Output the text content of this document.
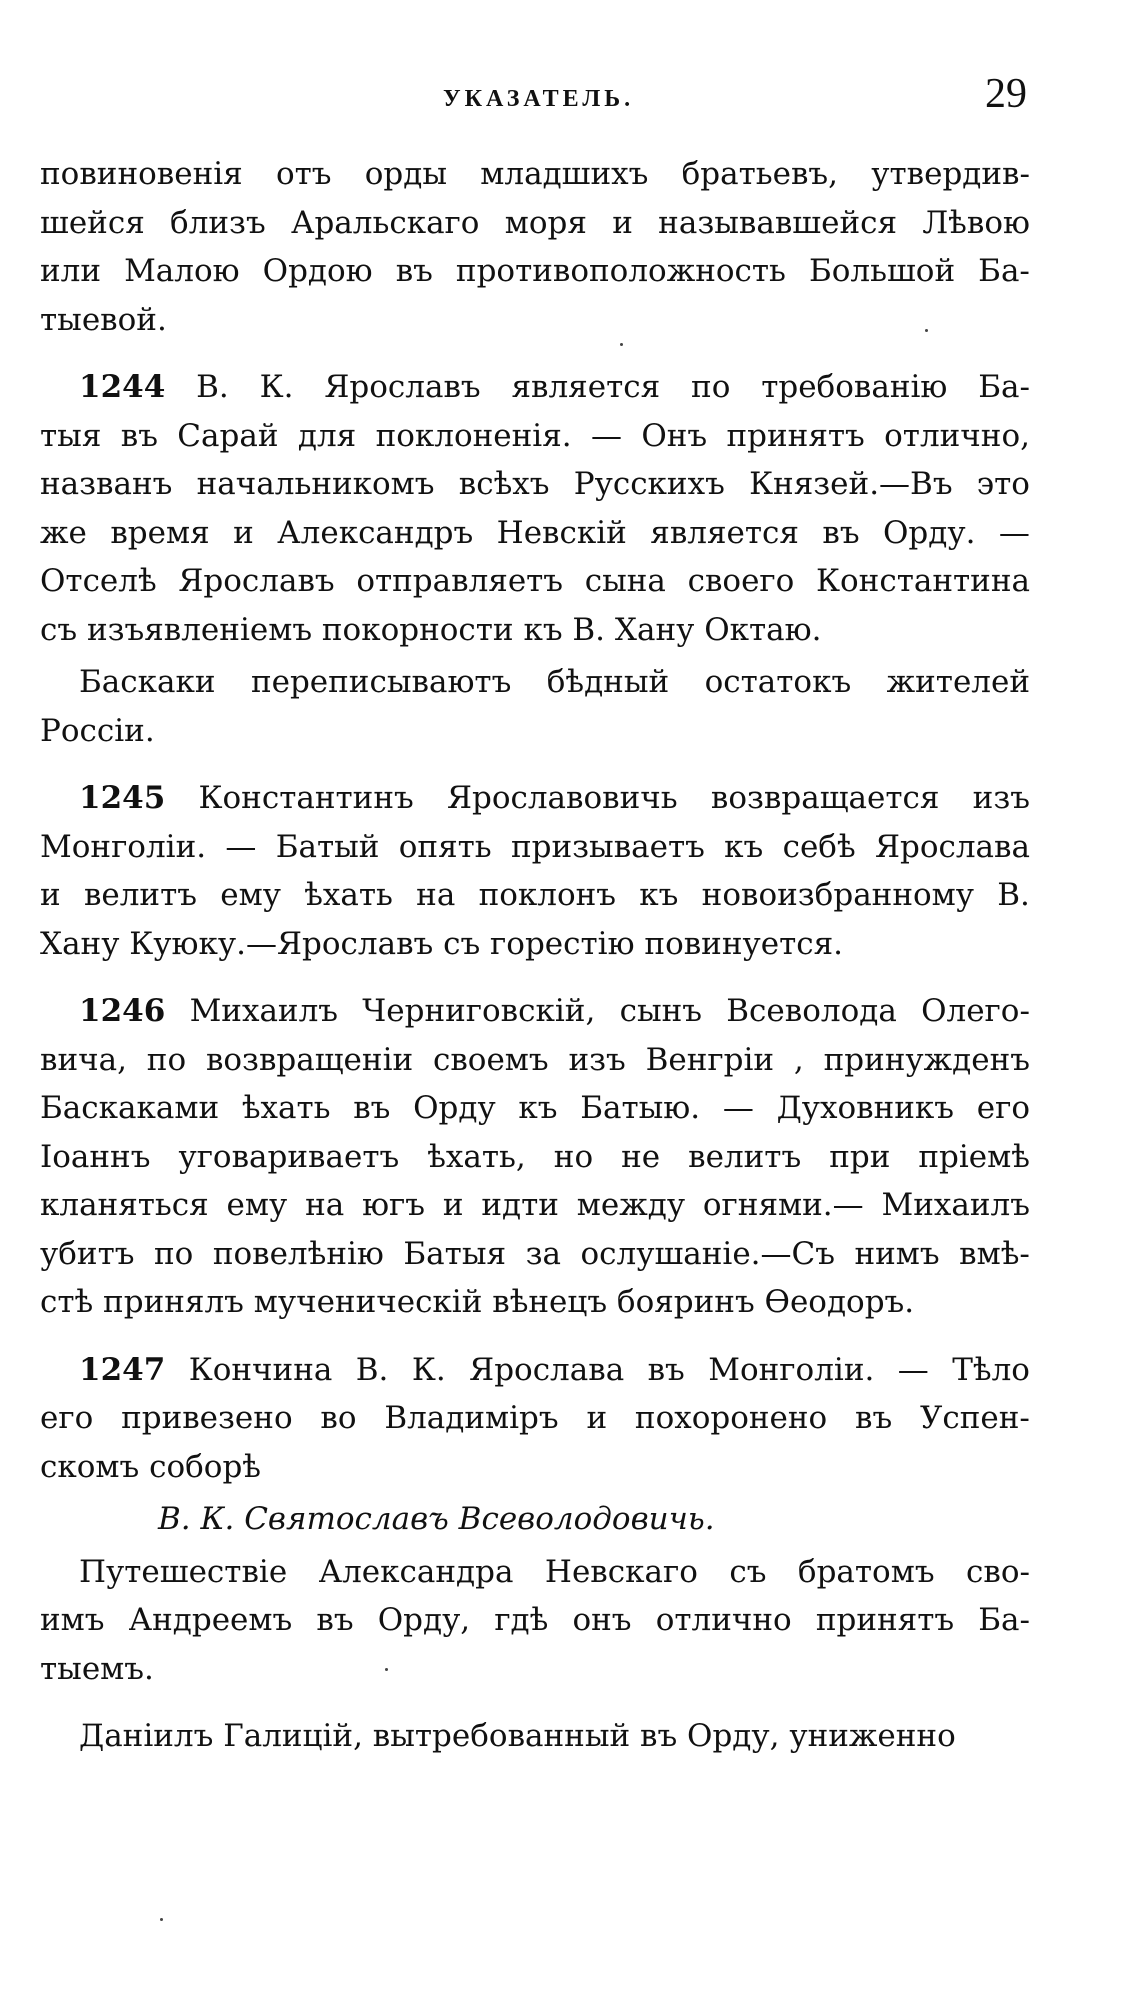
УКАЗАТЕЛЬ.	29
повиновенія отъ орды младшихъ братьевъ, утвердив-
шейся близъ Аральскаго моря и называвшейся Лѣвою
или Малою Ордою въ противоположность Большой Ба-
тыевой.
1244 В. К. Ярославъ является по требованію Ба-
тыя въ Сарай для поклоненія. — Онъ принятъ отлично,
названъ начальникомъ всѣхъ Русскихъ Князей.—Въ это
же время и Александръ Невскій является въ Орду. —
Отселѣ Ярославъ отправляетъ сына своего Константина
съ изъявленіемъ покорности къ В. Хану Октаю.
Баскаки переписываютъ бѣдный остатокъ жителей
Россіи.
1245 Константинъ Ярославовичь возвращается изъ
Монголіи. — Батый опять призываетъ къ себѣ Ярослава
и велитъ ему ѣхать на поклонъ къ новоизбранному В.
Хану Куюку.—Ярославъ съ горестію повинуется.
1246 Михаилъ Черниговскій, сынъ Всеволода Олего-
вича, по возвращеніи своемъ изъ Венгріи , принужденъ
Баскаками ѣхать въ Орду къ Батыю. — Духовникъ его
Іоаннъ уговариваетъ ѣхать, но не велитъ при пріемѣ
кланяться ему на югъ и идти между огнями.— Михаилъ
убитъ по повелѣнію Батыя за ослушаніе.—Съ нимъ вмѣ-
стѣ принялъ мученическій вѣнецъ бояринъ Ѳеодоръ.
1247 Кончина В. К. Ярослава въ Монголіи. — Тѣло
его привезено во Владиміръ и похоронено въ Успен-
скомъ соборѣ
В. К. Святославъ Всеволодовичь.
Путешествіе Александра Невскаго съ братомъ сво-
имъ Андреемъ въ Орду, гдѣ онъ отлично принятъ Ба-
тыемъ.
Даніилъ Галицій, вытребованный въ Орду, униженно
